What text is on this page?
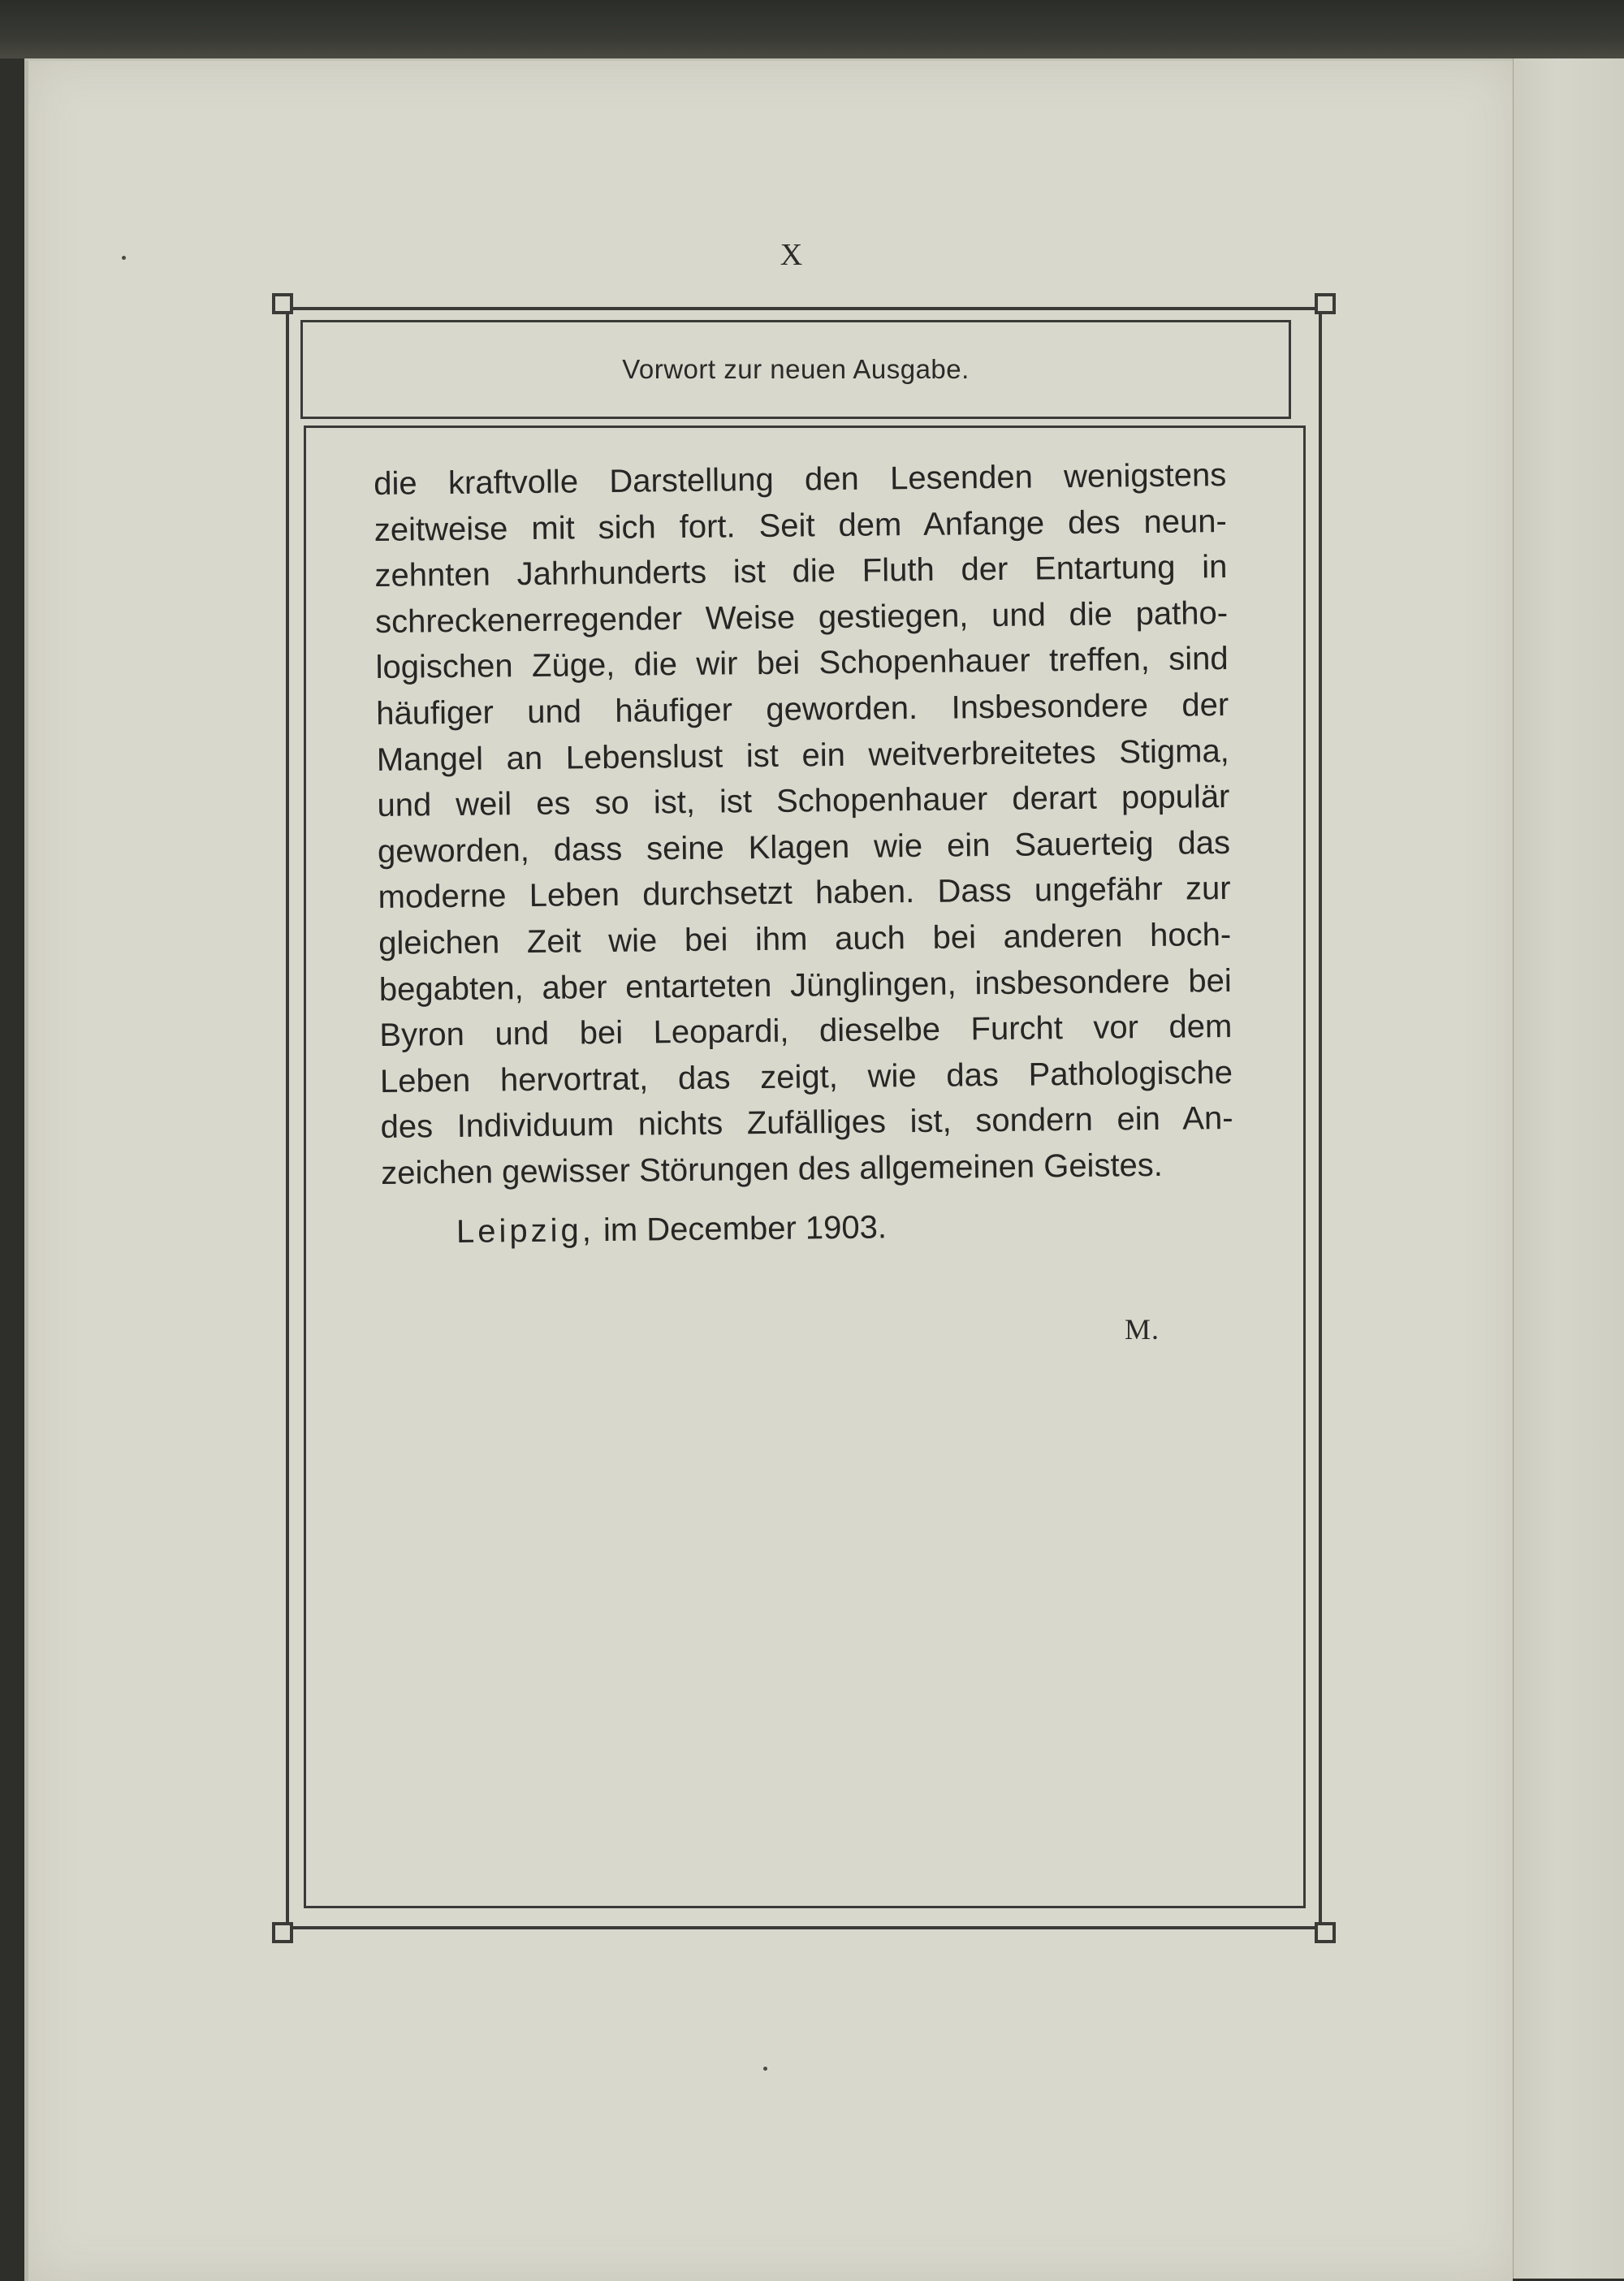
X
Vorwort zur neuen Ausgabe.
die kraftvolle Darstellung den Lesenden wenigstens
zeitweise mit sich fort. Seit dem Anfange des neun-
zehnten Jahrhunderts ist die Fluth der Entartung in
schreckenerregender Weise gestiegen, und die patho-
logischen Züge, die wir bei Schopenhauer treffen, sind
häufiger und häufiger geworden. Insbesondere der
Mangel an Lebenslust ist ein weitverbreitetes Stigma,
und weil es so ist, ist Schopenhauer derart populär
geworden, dass seine Klagen wie ein Sauerteig das
moderne Leben durchsetzt haben. Dass ungefähr zur
gleichen Zeit wie bei ihm auch bei anderen hoch-
begabten, aber entarteten Jünglingen, insbesondere bei
Byron und bei Leopardi, dieselbe Furcht vor dem
Leben hervortrat, das zeigt, wie das Pathologische
des Individuum nichts Zufälliges ist, sondern ein An-
zeichen gewisser Störungen des allgemeinen Geistes.
Leipzig, im December 1903.
M.
